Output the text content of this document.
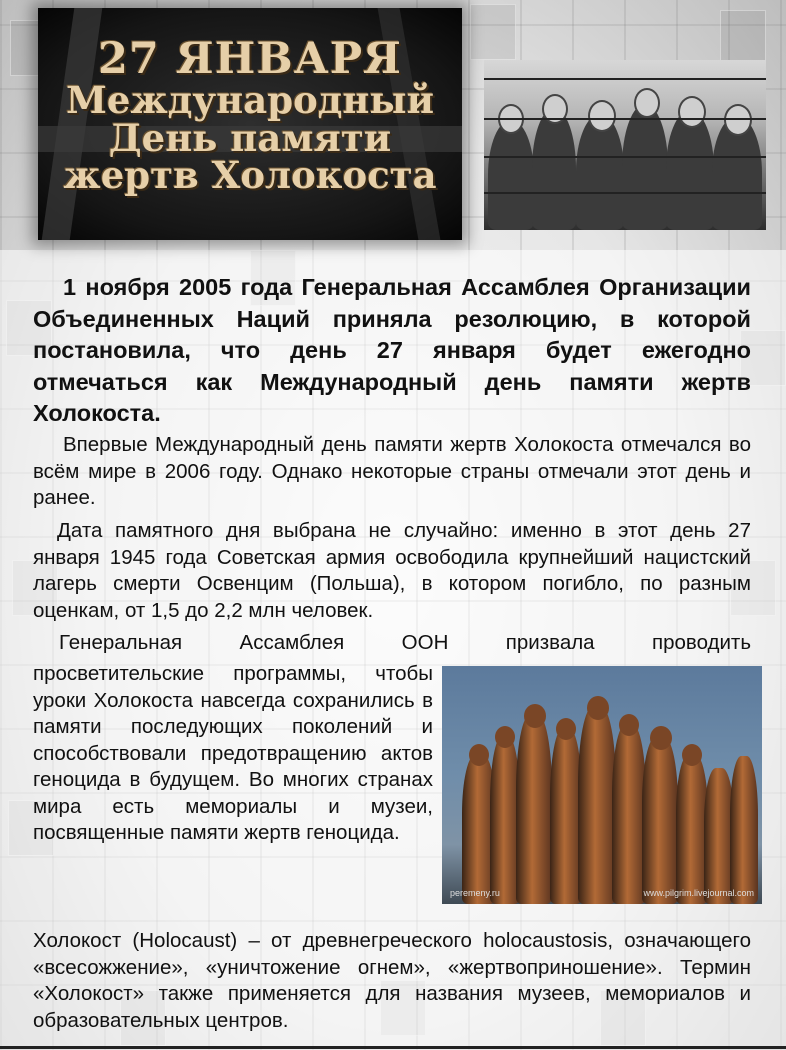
27 ЯНВАРЯ
Международный
День памяти
жертв Холокоста

1 ноября 2005 года Генеральная Ассамблея Организации Объединенных Наций приняла резолюцию, в которой постановила, что день 27 января будет ежегодно отмечаться как Международный день памяти жертв Холокоста.

Впервые Международный день памяти жертв Холокоста отмечался во всём мире в 2006 году. Однако некоторые страны отмечали этот день и ранее.

Дата памятного дня выбрана не случайно: именно в этот день 27 января 1945 года Советская армия освободила крупнейший нацистский лагерь смерти Освенцим (Польша), в котором погибло, по разным оценкам, от 1,5 до 2,2 млн человек.

Генеральная Ассамблея ООН призвала проводить

просветительские программы, чтобы уроки Холокоста навсегда сохранились в памяти последующих поколений и способствовали предотвращению актов геноцида в будущем. Во многих странах мира есть мемориалы и музеи, посвященные памяти жертв геноцида.

peremeny.ru	www.pilgrim.livejournal.com

Холокост (Holocaust) – от древнегреческого holocaustosis, означающего «всесожжение», «уничтожение огнем», «жертвоприношение». Термин «Холокост» также применяется для названия музеев, мемориалов и образовательных центров.
